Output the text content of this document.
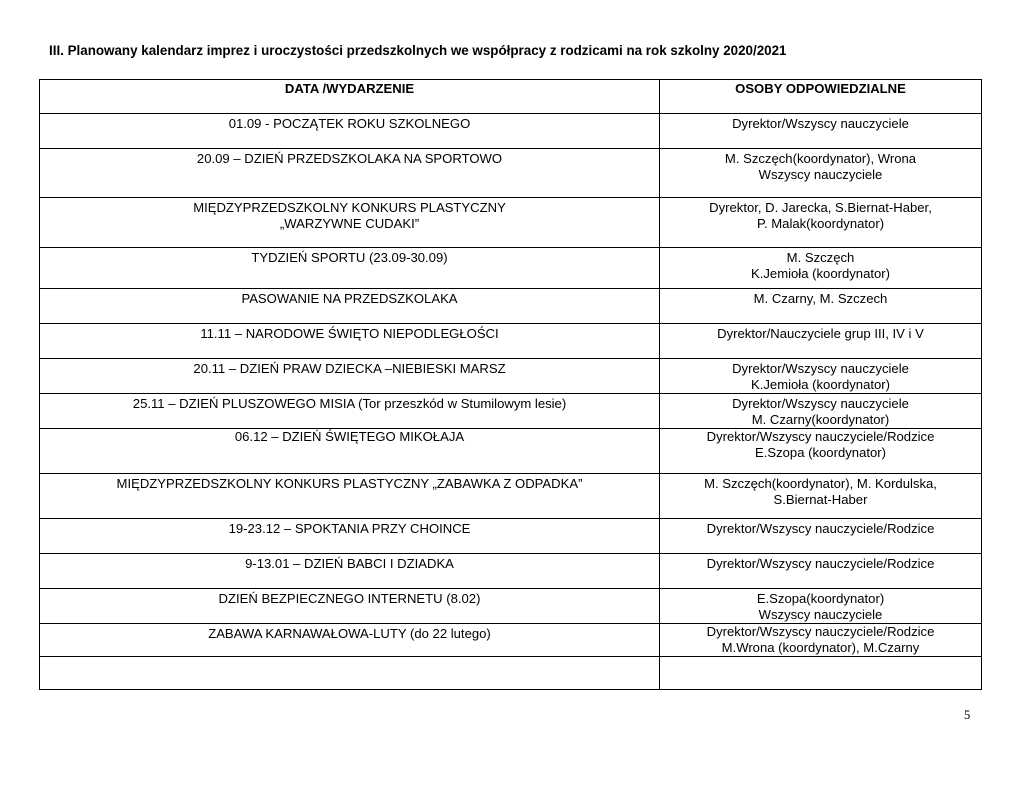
III. Planowany kalendarz imprez i uroczystości przedszkolnych we współpracy z rodzicami na rok szkolny 2020/2021
DATA /WYDARZENIE	OSOBY ODPOWIEDZIALNE

01.09 - POCZĄTEK ROKU SZKOLNEGO	Dyrektor/Wszyscy nauczyciele

20.09 – DZIEŃ PRZEDSZKOLAKA NA SPORTOWO	M. Szczęch(koordynator), Wrona
Wszyscy nauczyciele

MIĘDZYPRZEDSZKOLNY KONKURS PLASTYCZNY
„WARZYWNE CUDAKI”	Dyrektor, D. Jarecka, S.Biernat-Haber,
P. Malak(koordynator)

TYDZIEŃ SPORTU (23.09-30.09)	M. Szczęch
K.Jemioła (koordynator)

PASOWANIE NA PRZEDSZKOLAKA	M. Czarny, M. Szczech

11.11 – NARODOWE ŚWIĘTO NIEPODLEGŁOŚCI	Dyrektor/Nauczyciele grup III, IV i V

20.11 – DZIEŃ PRAW DZIECKA –NIEBIESKI MARSZ	Dyrektor/Wszyscy nauczyciele
K.Jemioła (koordynator)

25.11 – DZIEŃ PLUSZOWEGO MISIA (Tor przeszkód w Stumilowym lesie)	Dyrektor/Wszyscy nauczyciele
M. Czarny(koordynator)

06.12 – DZIEŃ ŚWIĘTEGO MIKOŁAJA	Dyrektor/Wszyscy nauczyciele/Rodzice
E.Szopa (koordynator)

MIĘDZYPRZEDSZKOLNY KONKURS PLASTYCZNY „ZABAWKA Z ODPADKA”	M. Szczęch(koordynator), M. Kordulska,
S.Biernat-Haber

19-23.12 – SPOKTANIA PRZY CHOINCE	Dyrektor/Wszyscy nauczyciele/Rodzice

9-13.01 – DZIEŃ BABCI I DZIADKA	Dyrektor/Wszyscy nauczyciele/Rodzice

DZIEŃ BEZPIECZNEGO INTERNETU (8.02)	E.Szopa(koordynator)
Wszyscy nauczyciele

ZABAWA KARNAWAŁOWA-LUTY (do 22 lutego)	Dyrektor/Wszyscy nauczyciele/Rodzice
M.Wrona (koordynator), M.Czarny

5
